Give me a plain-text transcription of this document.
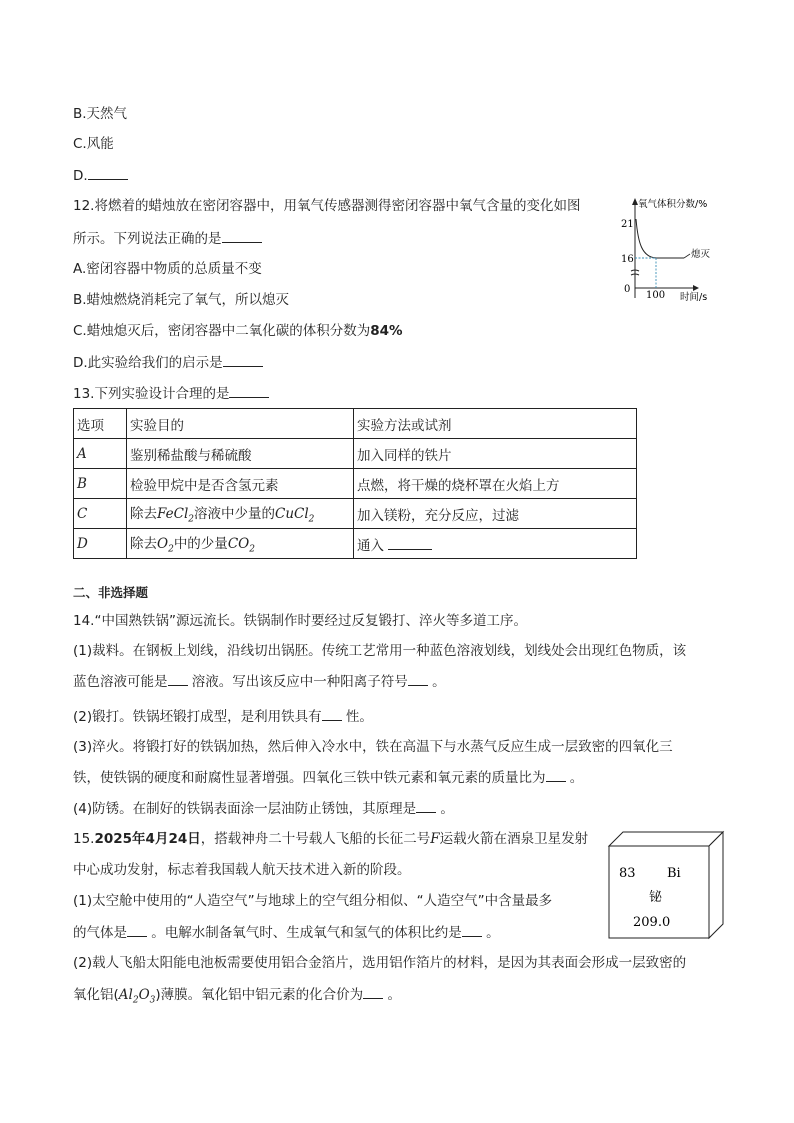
B.天然气
C.风能
D.
12.将燃着的蜡烛放在密闭容器中，用氧气传感器测得密闭容器中氧气含量的变化如图
所示。下列说法正确的是
A.密闭容器中物质的总质量不变
B.蜡烛燃烧消耗完了氧气，所以熄灭
C.蜡烛熄灭后，密闭容器中二氧化碳的体积分数为84%
D.此实验给我们的启示是
氧气体积分数/%
时间/s
21
16
0
100
熄灭
13.下列实验设计合理的是
选项	实验目的	实验方法或试剂
A	鉴别稀盐酸与稀硫酸	加入同样的铁片
B	检验甲烷中是否含氢元素	点燃，将干燥的烧杯罩在火焰上方
C	除去FeCl$_2$溶液中少量的CuCl$_2$	加入镁粉，充分反应，过滤
D	除去$O_2$中的少量$CO_2$	通入
二、非选择题
14.“中国熟铁锅”源远流长。铁锅制作时要经过反复锻打、淬火等多道工序。
(1)裁料。在钢板上划线，沿线切出锅胚。传统工艺常用一种蓝色溶液划线，划线处会出现红色物质，该
蓝色溶液可能是 溶液。写出该反应中一种阳离子符号 。
(2)锻打。铁锅坯锻打成型，是利用铁具有 性。
(3)淬火。将锻打好的铁锅加热，然后伸入冷水中，铁在高温下与水蒸气反应生成一层致密的四氧化三
铁，使铁锅的硬度和耐腐性显著增强。四氧化三铁中铁元素和氧元素的质量比为 。
(4)防锈。在制好的铁锅表面涂一层油防止锈蚀，其原理是 。
15.2025年4月24日，搭载神舟二十号载人飞船的长征二号F运载火箭在酒泉卫星发射
中心成功发射，标志着我国载人航天技术进入新的阶段。
(1)太空舱中使用的“人造空气”与地球上的空气组分相似、“人造空气”中含量最多
的气体是 。电解水制备氧气时、生成氧气和氢气的体积比约是 。
(2)载人飞船太阳能电池板需要使用铝合金箔片，选用铝作箔片的材料，是因为其表面会形成一层致密的
氧化铝$(Al_2O_3)$薄膜。氧化铝中铝元素的化合价为 。
83 Bi
铋
209.0
